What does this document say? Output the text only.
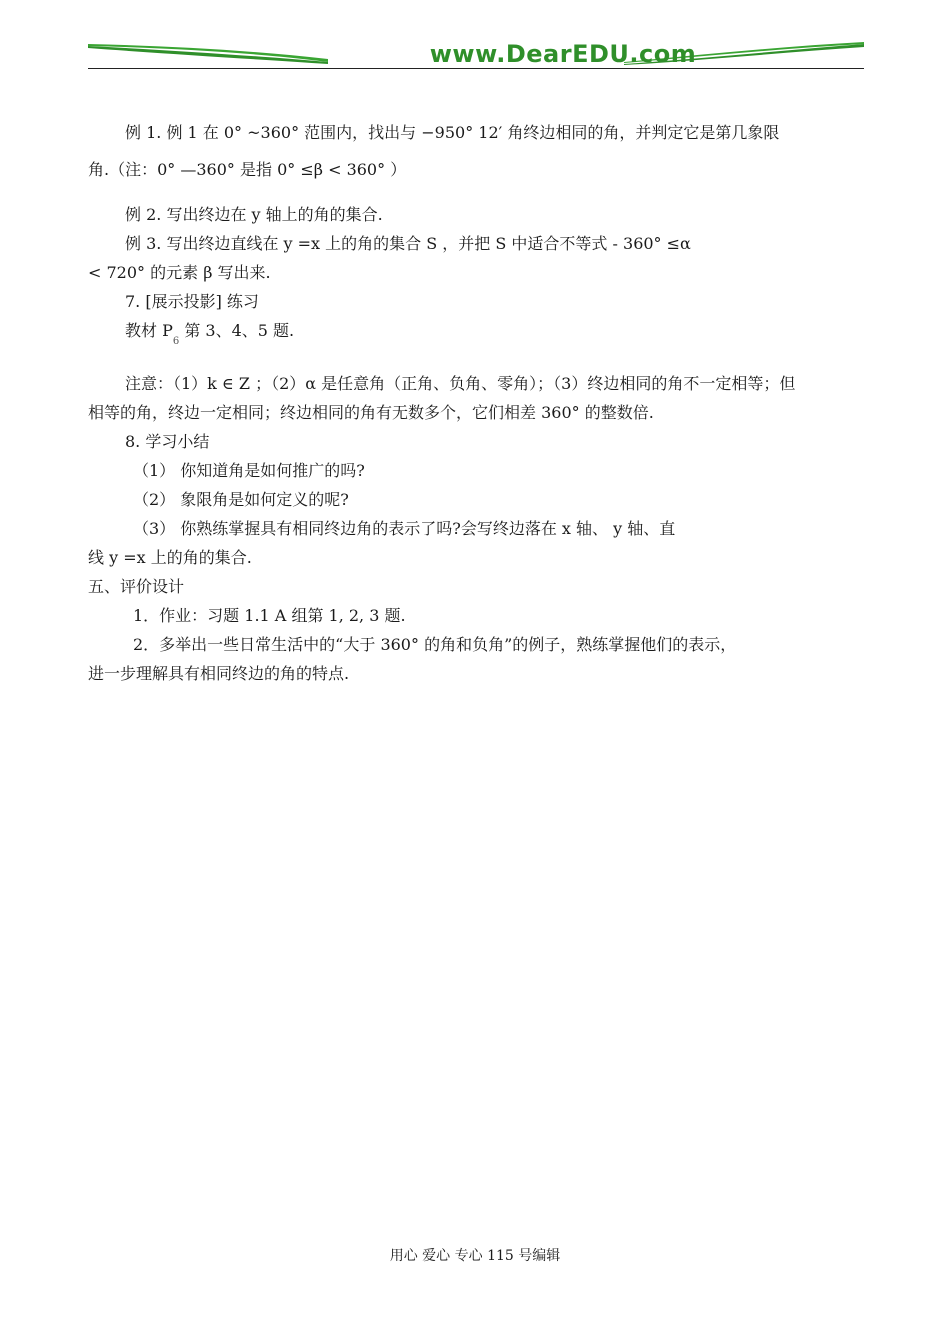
www.DearEDU.com
例 1. 例 1 在 0° ~360° 范围内，找出与 −950° 12′ 角终边相同的角，并判定它是第几象限
角.（注：0° —360° 是指 0° ≤β < 360° ）
例 2. 写出终边在 y 轴上的角的集合.
例 3. 写出终边直线在 y =x 上的角的集合 S ，并把 S 中适合不等式 - 360° ≤α
< 720° 的元素 β 写出来.
7. [展示投影] 练习
教材 $P_6$ 第 3、4、5 题.
注意：（1）k ∈ Z ；（2）α 是任意角（正角、负角、零角）；（3）终边相同的角不一定相等；但
相等的角，终边一定相同；终边相同的角有无数多个，它们相差 360° 的整数倍.
8. 学习小结
（1） 你知道角是如何推广的吗?
（2） 象限角是如何定义的呢?
（3） 你熟练掌握具有相同终边角的表示了吗?会写终边落在 x 轴、 y 轴、直
线 y =x 上的角的集合.
五、评价设计
1．作业：习题 1.1 A 组第 1, 2, 3 题.
2．多举出一些日常生活中的“大于 360° 的角和负角”的例子，熟练掌握他们的表示，
进一步理解具有相同终边的角的特点.
用心 爱心 专心 115 号编辑
